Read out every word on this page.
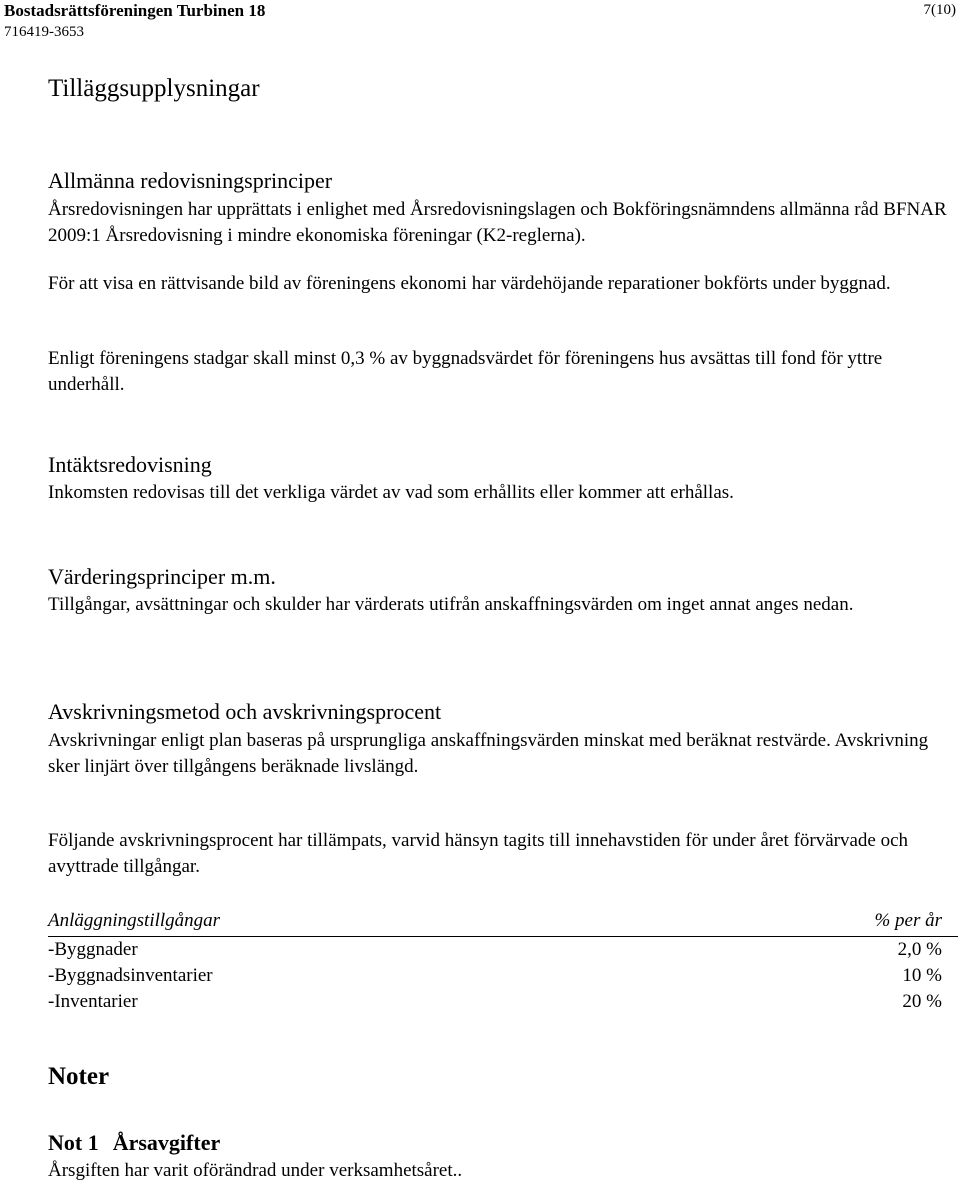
Bostadsrättsföreningen Turbinen 18
716419-3653
7(10)
Tilläggsupplysningar
Allmänna redovisningsprinciper

Årsredovisningen har upprättats i enlighet med Årsredovisningslagen och Bokföringsnämndens allmänna råd BFNAR 2009:1 Årsredovisning i mindre ekonomiska föreningar (K2-reglerna).

För att visa en rättvisande bild av föreningens ekonomi har värdehöjande reparationer bokförts under byggnad.

Enligt föreningens stadgar skall minst 0,3 % av byggnadsvärdet för föreningens hus avsättas till fond för yttre underhåll.

Intäktsredovisning

Inkomsten redovisas till det verkliga värdet av vad som erhållits eller kommer att erhållas.

Värderingsprinciper m.m.

Tillgångar, avsättningar och skulder har värderats utifrån anskaffningsvärden om inget annat anges nedan.

Avskrivningsmetod och avskrivningsprocent

Avskrivningar enligt plan baseras på ursprungliga anskaffningsvärden minskat med beräknat restvärde. Avskrivning sker linjärt över tillgångens beräknade livslängd.

Följande avskrivningsprocent har tillämpats, varvid hänsyn tagits till innehavstiden för under året förvärvade och avyttrade tillgångar.

Anläggningstillgångar	% per år
-Byggnader	2,0 %
-Byggnadsinventarier	10 %
-Inventarier	20 %
Noter
Not 1 Årsavgifter

Årsgiften har varit oförändrad under verksamhetsåret..
